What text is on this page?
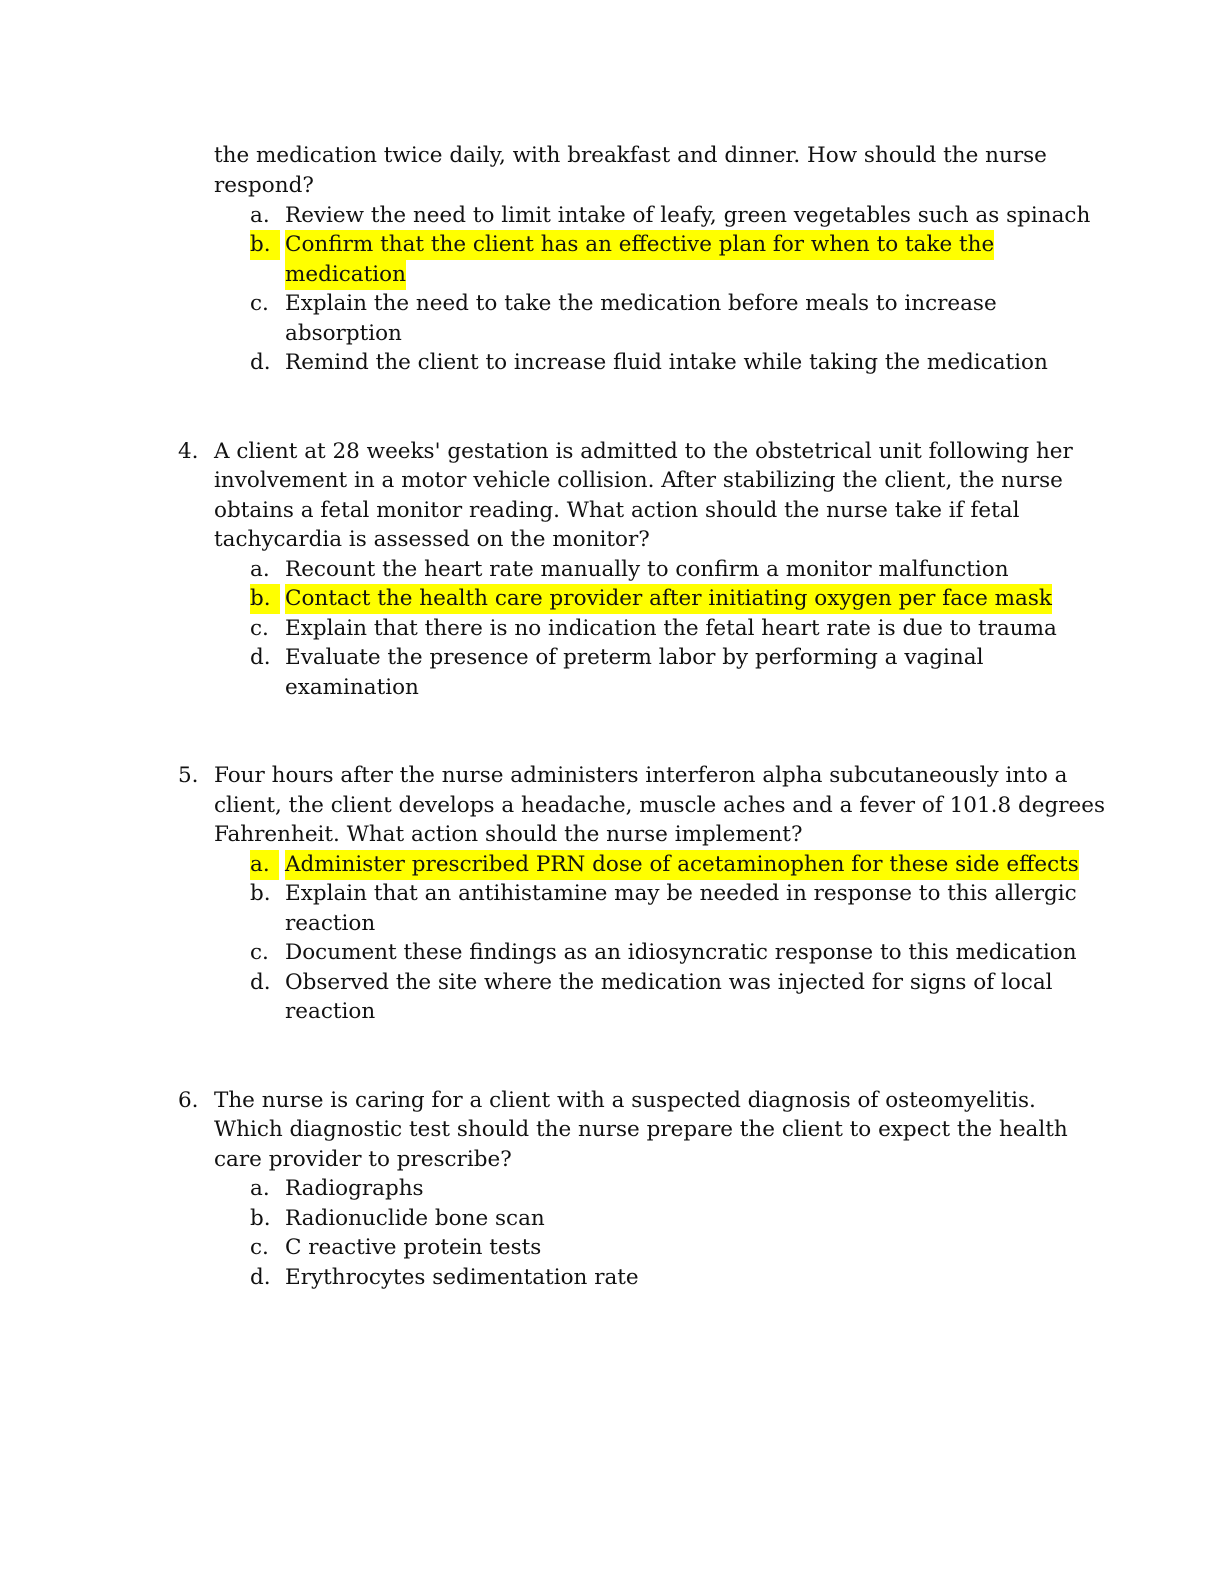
the medication twice daily, with breakfast and dinner. How should the nurse
respond?
a. Review the need to limit intake of leafy, green vegetables such as spinach
b. Confirm that the client has an effective plan for when to take the
medication
c. Explain the need to take the medication before meals to increase
absorption
d. Remind the client to increase fluid intake while taking the medication
4. A client at 28 weeks' gestation is admitted to the obstetrical unit following her
involvement in a motor vehicle collision. After stabilizing the client, the nurse
obtains a fetal monitor reading. What action should the nurse take if fetal
tachycardia is assessed on the monitor?
a. Recount the heart rate manually to confirm a monitor malfunction
b. Contact the health care provider after initiating oxygen per face mask
c. Explain that there is no indication the fetal heart rate is due to trauma
d. Evaluate the presence of preterm labor by performing a vaginal
examination
5. Four hours after the nurse administers interferon alpha subcutaneously into a
client, the client develops a headache, muscle aches and a fever of 101.8 degrees
Fahrenheit. What action should the nurse implement?
a. Administer prescribed PRN dose of acetaminophen for these side effects
b. Explain that an antihistamine may be needed in response to this allergic
reaction
c. Document these findings as an idiosyncratic response to this medication
d. Observed the site where the medication was injected for signs of local
reaction
6. The nurse is caring for a client with a suspected diagnosis of osteomyelitis.
Which diagnostic test should the nurse prepare the client to expect the health
care provider to prescribe?
a. Radiographs
b. Radionuclide bone scan
c. C reactive protein tests
d. Erythrocytes sedimentation rate
